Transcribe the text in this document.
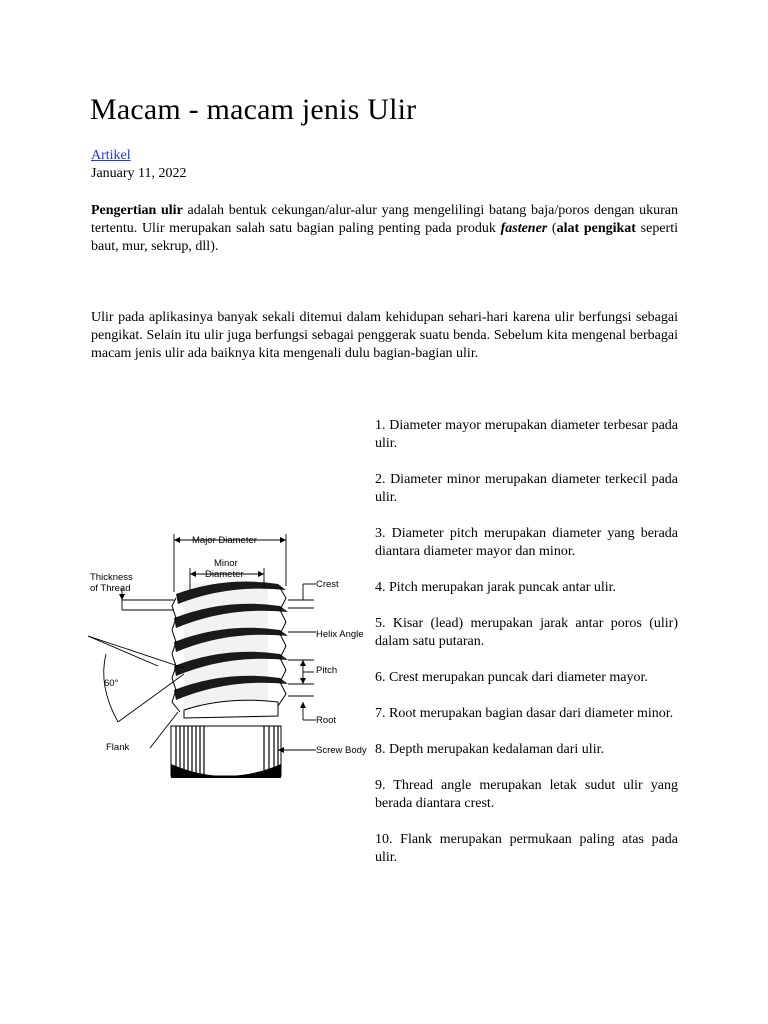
Macam - macam jenis Ulir
Artikel
January 11, 2022

Pengertian ulir adalah bentuk cekungan/alur-alur yang mengelilingi batang baja/poros dengan ukuran tertentu. Ulir merupakan salah satu bagian paling penting pada produk fastener (alat pengikat seperti baut, mur, sekrup, dll).

Ulir pada aplikasinya banyak sekali ditemui dalam kehidupan sehari-hari karena ulir berfungsi sebagai pengikat. Selain itu ulir juga berfungsi sebagai penggerak suatu benda. Sebelum kita mengenal berbagai macam jenis ulir ada baiknya kita mengenali dulu bagian-bagian ulir.

Major Diameter
Minor
Diameter
Thickness
of Thread	Crest
Helix Angle
Pitch
60°
Root
Flank	Screw Body

1. Diameter mayor merupakan diameter terbesar pada ulir.

2. Diameter minor merupakan diameter terkecil pada ulir.

3. Diameter pitch merupakan diameter yang berada diantara diameter mayor dan minor.

4. Pitch merupakan jarak puncak antar ulir.

5. Kisar (lead) merupakan jarak antar poros (ulir) dalam satu putaran.

6. Crest merupakan puncak dari diameter mayor.

7. Root merupakan bagian dasar dari diameter minor.

8. Depth merupakan kedalaman dari ulir.

9. Thread angle merupakan letak sudut ulir yang berada diantara crest.

10. Flank merupakan permukaan paling atas pada ulir.
